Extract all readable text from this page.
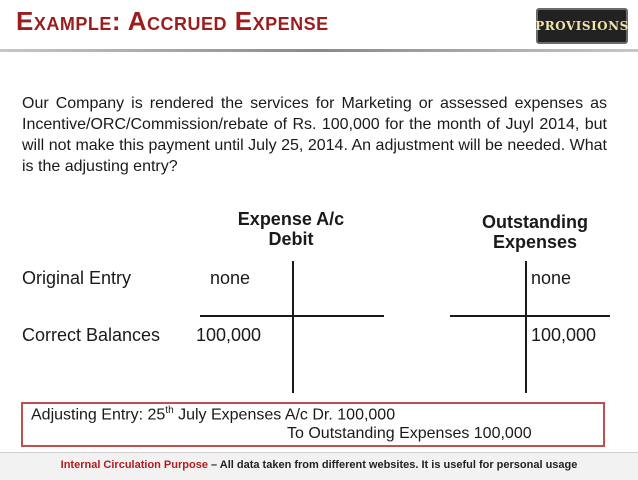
Example: Accrued Expense	PROVISIONS
Our Company is rendered the services for Marketing or assessed expenses as Incentive/ORC/Commission/rebate of Rs. 100,000 for the month of Juyl 2014, but will not make this payment until July 25, 2014. An adjustment will be needed. What is the adjusting entry?
Expense A/c
Debit
Outstanding
Expenses
Original Entry	none	none
Correct Balances 100,000	100,000
Adjusting Entry: 25th July Expenses A/c Dr. 100,000
To Outstanding Expenses 100,000
Internal Circulation Purpose – All data taken from different websites. It is useful for personal usage
